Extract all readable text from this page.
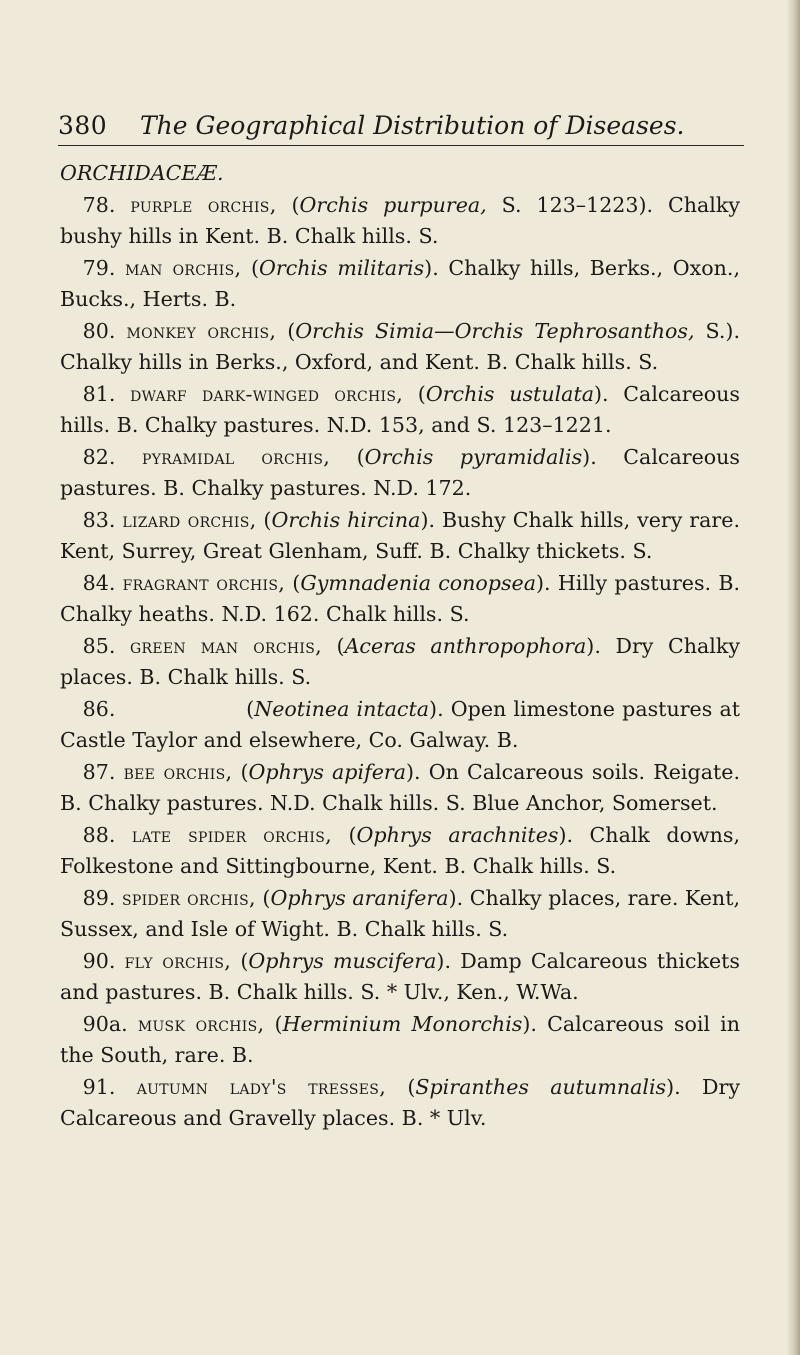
380 The Geographical Distribution of Diseases.

ORCHIDACEÆ.

78. purple orchis, (Orchis purpurea, S. 123–1223). Chalky bushy hills in Kent. B. Chalk hills. S.

79. man orchis, (Orchis militaris). Chalky hills, Berks., Oxon., Bucks., Herts. B.

80. monkey orchis, (Orchis Simia—Orchis Tephrosanthos, S.). Chalky hills in Berks., Oxford, and Kent. B. Chalk hills. S.

81. dwarf dark-winged orchis, (Orchis ustulata). Calcareous hills. B. Chalky pastures. N.D. 153, and S. 123–1221.

82. pyramidal orchis, (Orchis pyramidalis). Calcareous pastures. B. Chalky pastures. N.D. 172.

83. lizard orchis, (Orchis hircina). Bushy Chalk hills, very rare. Kent, Surrey, Great Glenham, Suff. B. Chalky thickets. S.

84. fragrant orchis, (Gymnadenia conopsea). Hilly pastures. B. Chalky heaths. N.D. 162. Chalk hills. S.

85. green man orchis, (Aceras anthropophora). Dry Chalky places. B. Chalk hills. S.

86.       (Neotinea intacta). Open limestone pastures at Castle Taylor and elsewhere, Co. Galway. B.

87. bee orchis, (Ophrys apifera). On Calcareous soils. Reigate. B. Chalky pastures. N.D. Chalk hills. S. Blue Anchor, Somerset.

88. late spider orchis, (Ophrys arachnites). Chalk downs, Folkestone and Sittingbourne, Kent. B. Chalk hills. S.

89. spider orchis, (Ophrys aranifera). Chalky places, rare. Kent, Sussex, and Isle of Wight. B. Chalk hills. S.

90. fly orchis, (Ophrys muscifera). Damp Calcareous thickets and pastures. B. Chalk hills. S. * Ulv., Ken., W.Wa.

90a. musk orchis, (Herminium Monorchis). Calcareous soil in the South, rare. B.

91. autumn lady's tresses, (Spiranthes autumnalis). Dry Calcareous and Gravelly places. B. * Ulv.
